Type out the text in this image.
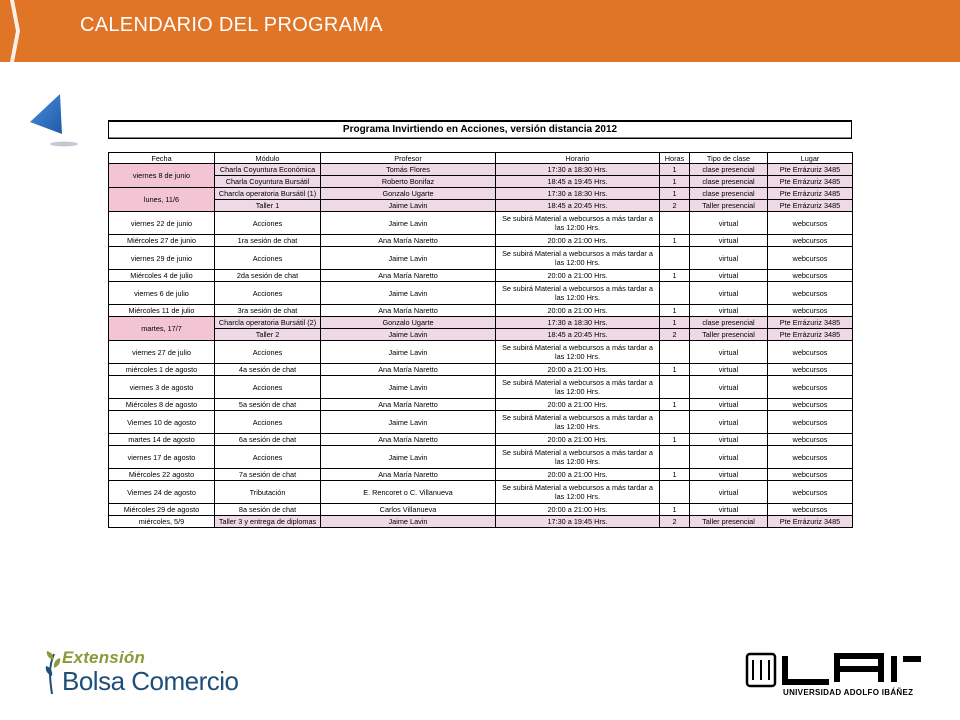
CALENDARIO DEL PROGRAMA
Programa Invirtiendo en Acciones, versión distancia 2012
Fecha	Módulo	Profesor	Horario	Horas	Tipo de clase	Lugar
viernes 8 de junio	Charla Coyuntura Económica	Tomás Flores	17:30 a 18:30 Hrs.	1	clase presencial	Pte Errázuriz 3485
	Charla Coyuntura Bursátil	Roberto Bonifaz	18:45 a 19:45 Hrs.	1	clase presencial	Pte Errázuriz 3485
lunes, 11/6	Charcla operatoria Bursátil (1)	Gonzalo Ugarte	17:30 a 18:30 Hrs.	1	clase presencial	Pte Errázuriz 3485
	Taller 1	Jaime Lavin	18:45 a 20:45 Hrs.	2	Taller presencial	Pte Errázuriz 3485
viernes 22 de junio	Acciones	Jaime Lavin	Se subirá Material a webcursos a más tardar a las 12:00 Hrs.		virtual	webcursos
Miércoles 27 de junio	1ra sesión de chat	Ana María Naretto	20:00 a 21:00 Hrs.	1	virtual	webcursos
viernes 29 de junio	Acciones	Jaime Lavin	Se subirá Material a webcursos a más tardar a las 12:00 Hrs.		virtual	webcursos
Miércoles 4 de julio	2da sesión de chat	Ana María Naretto	20:00 a 21:00 Hrs.	1	virtual	webcursos
viernes 6 de julio	Acciones	Jaime Lavin	Se subirá Material a webcursos a más tardar a las 12:00 Hrs.		virtual	webcursos
Miércoles 11 de julio	3ra sesión de chat	Ana María Naretto	20:00 a 21:00 Hrs.	1	virtual	webcursos
martes, 17/7	Charcla operatoria Bursátil (2)	Gonzalo Ugarte	17:30 a 18:30 Hrs.	1	clase presencial	Pte Errázuriz 3485
	Taller 2	Jaime Lavin	18:45 a 20:45 Hrs.	2	Taller presencial	Pte Errázuriz 3485
viernes 27 de julio	Acciones	Jaime Lavin	Se subirá Material a webcursos a más tardar a las 12:00 Hrs.		virtual	webcursos
miércoles 1 de agosto	4a sesión de chat	Ana María Naretto	20:00 a 21:00 Hrs.	1	virtual	webcursos
viernes 3 de agosto	Acciones	Jaime Lavin	Se subirá Material a webcursos a más tardar a las 12:00 Hrs.		virtual	webcursos
Miércoles 8 de agosto	5a sesión de chat	Ana María Naretto	20:00 a 21:00 Hrs.	1	virtual	webcursos
Viernes 10 de agosto	Acciones	Jaime Lavin	Se subirá Material a webcursos a más tardar a las 12:00 Hrs.		virtual	webcursos
martes 14 de agosto	6a sesión de chat	Ana María Naretto	20:00 a 21:00 Hrs.	1	virtual	webcursos
viernes 17 de agosto	Acciones	Jaime Lavin	Se subirá Material a webcursos a más tardar a las 12:00 Hrs.		virtual	webcursos
Miércoles 22 agosto	7a sesión de chat	Ana María Naretto	20:00 a 21:00 Hrs.	1	virtual	webcursos
Viernes 24 de agosto	Tributación	E. Rencoret o C. Villanueva	Se subirá Material a webcursos a más tardar a las 12:00 Hrs.		virtual	webcursos
Miércoles 29 de agosto	8a sesión de chat	Carlos Villanueva	20:00 a 21:00 Hrs.	1	virtual	webcursos
miércoles, 5/9	Taller 3 y entrega de diplomas	Jaime Lavin	17:30 a 19:45 Hrs.	2	Taller presencial	Pte Errázuriz 3485
Extensión
Bolsa Comercio	UNIVERSIDAD ADOLFO IBÁÑEZ
